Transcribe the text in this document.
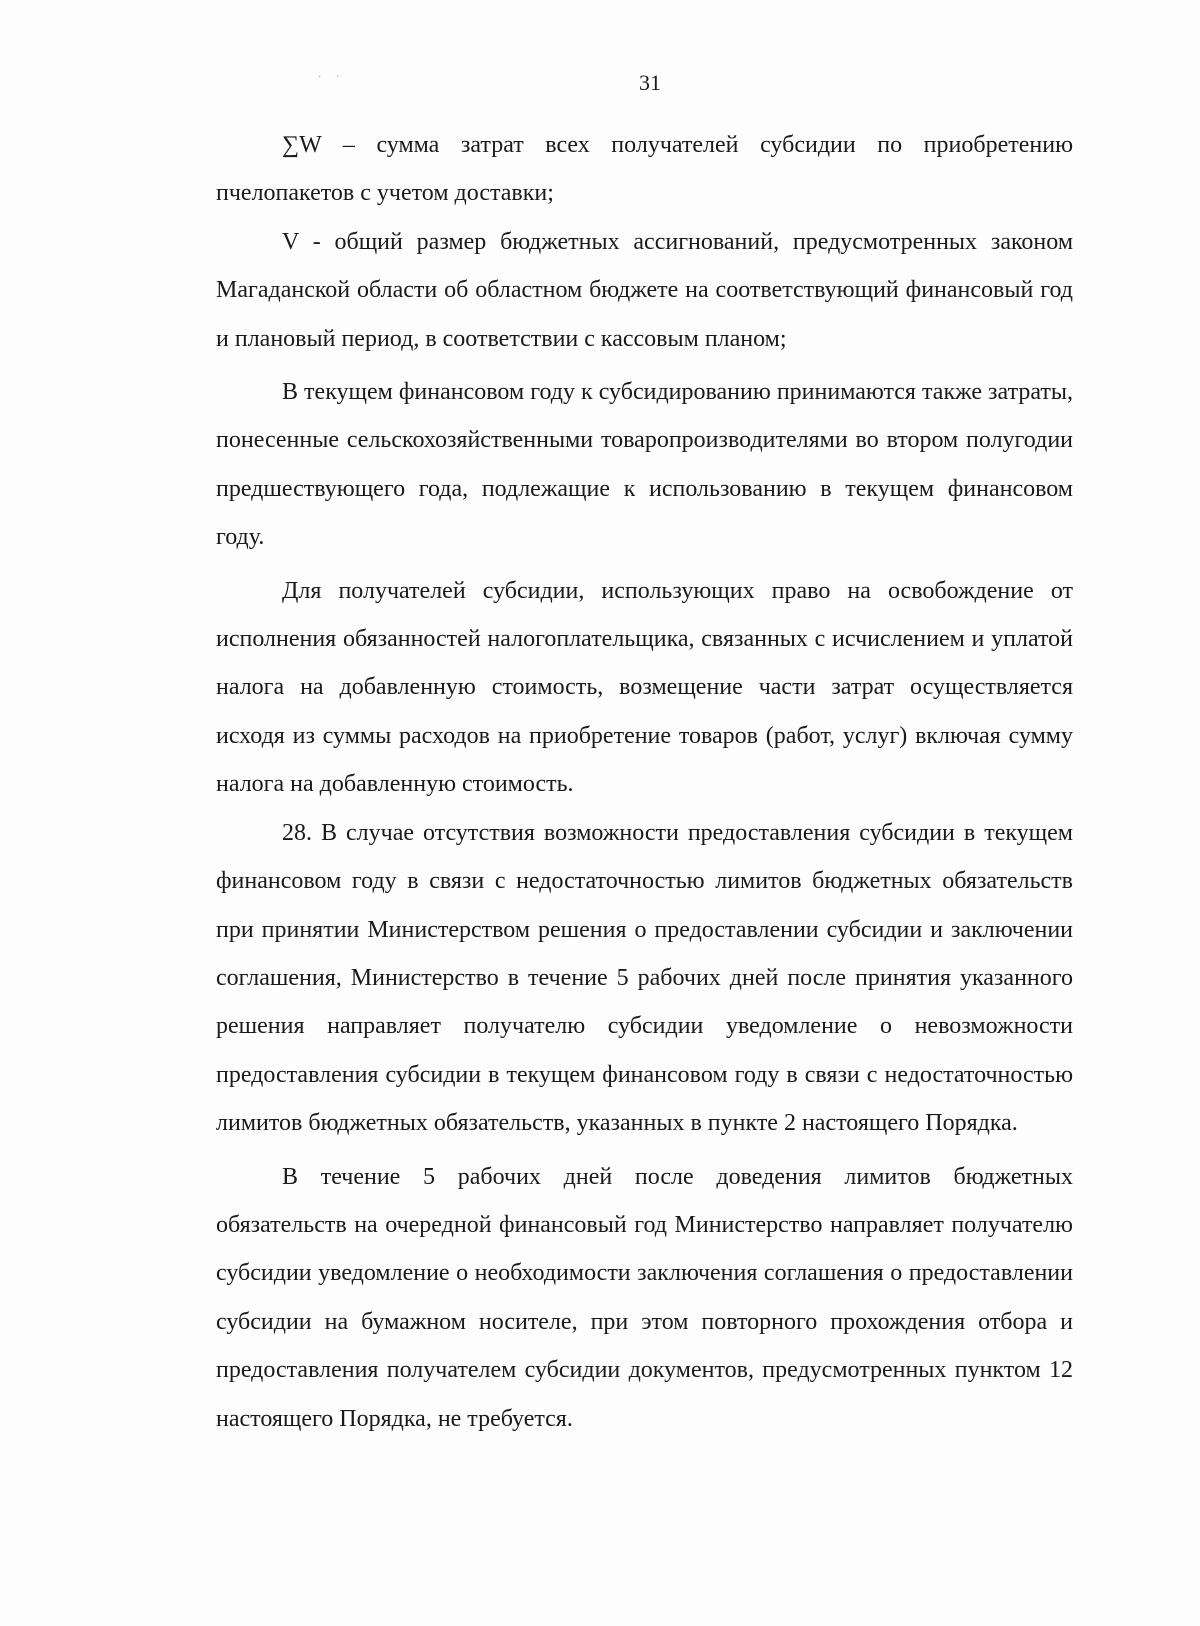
· ·	31

∑W – сумма затрат всех получателей субсидии по приобретению пчелопакетов с учетом доставки;

V - общий размер бюджетных ассигнований, предусмотренных законом Магаданской области об областном бюджете на соответствующий финансовый год и плановый период, в соответствии с кассовым планом;

В текущем финансовом году к субсидированию принимаются также затраты, понесенные сельскохозяйственными товаропроизводителями во втором полугодии предшествующего года, подлежащие к использованию в текущем финансовом году.

Для получателей субсидии, использующих право на освобождение от исполнения обязанностей налогоплательщика, связанных с исчислением и уплатой налога на добавленную стоимость, возмещение части затрат осуществляется исходя из суммы расходов на приобретение товаров (работ, услуг) включая сумму налога на добавленную стоимость.

28. В случае отсутствия возможности предоставления субсидии в текущем финансовом году в связи с недостаточностью лимитов бюджетных обязательств при принятии Министерством решения о предоставлении субсидии и заключении соглашения, Министерство в течение 5 рабочих дней после принятия указанного решения направляет получателю субсидии уведомление о невозможности предоставления субсидии в текущем финансовом году в связи с недостаточностью лимитов бюджетных обязательств, указанных в пункте 2 настоящего Порядка.

В течение 5 рабочих дней после доведения лимитов бюджетных обязательств на очередной финансовый год Министерство направляет получателю субсидии уведомление о необходимости заключения соглашения о предоставлении субсидии на бумажном носителе, при этом повторного прохождения отбора и предоставления получателем субсидии документов, предусмотренных пунктом 12 настоящего Порядка, не требуется.
